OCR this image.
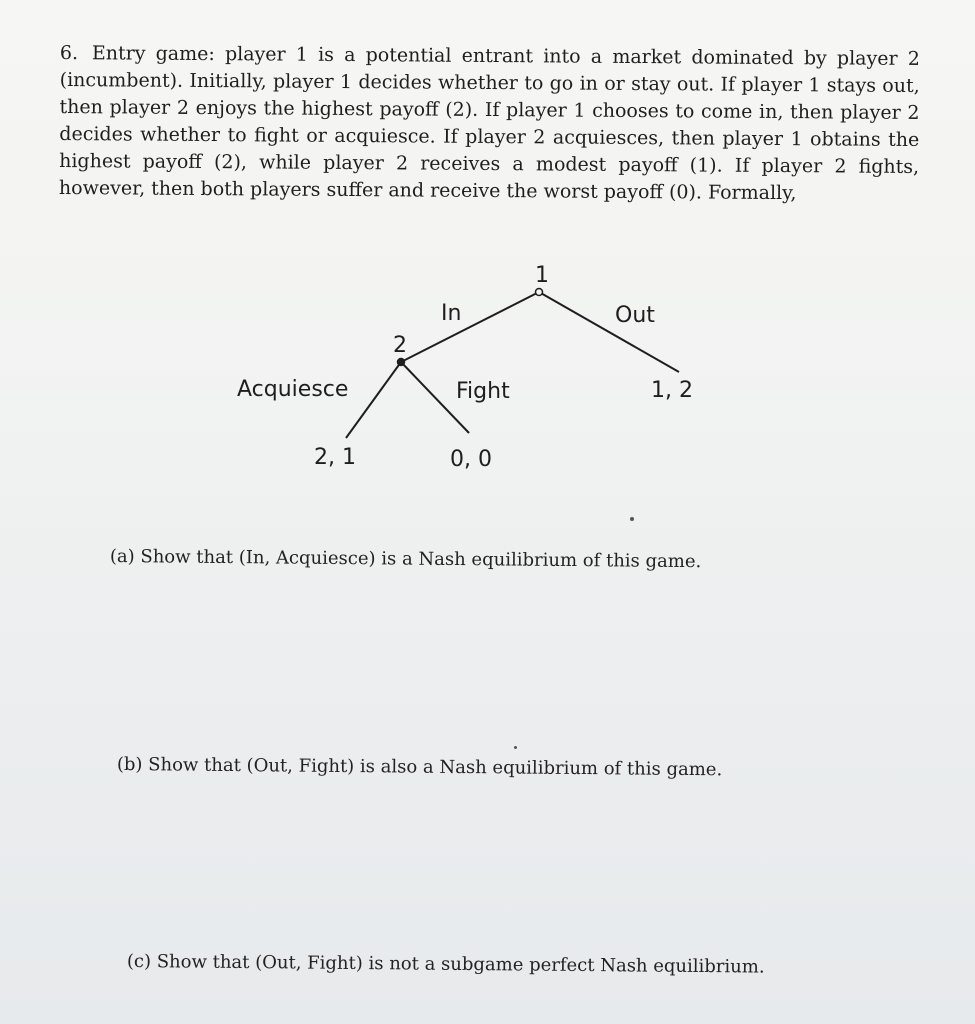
6. Entry game: player 1 is a potential entrant into a market dominated by player 2 (incumbent). Initially, player 1 decides whether to go in or stay out. If player 1 stays out, then player 2 enjoys the highest payoff (2). If player 1 chooses to come in, then player 2 decides whether to fight or acquiesce. If player 2 acquiesces, then player 1 obtains the highest payoff (2), while player 2 receives a modest payoff (1). If player 2 fights, however, then both players suffer and receive the worst payoff (0). Formally,
1
In	Out
2
Acquiesce	Fight	1, 2
2, 1	0, 0
(a) Show that (In, Acquiesce) is a Nash equilibrium of this game.
(b) Show that (Out, Fight) is also a Nash equilibrium of this game.
(c) Show that (Out, Fight) is not a subgame perfect Nash equilibrium.
